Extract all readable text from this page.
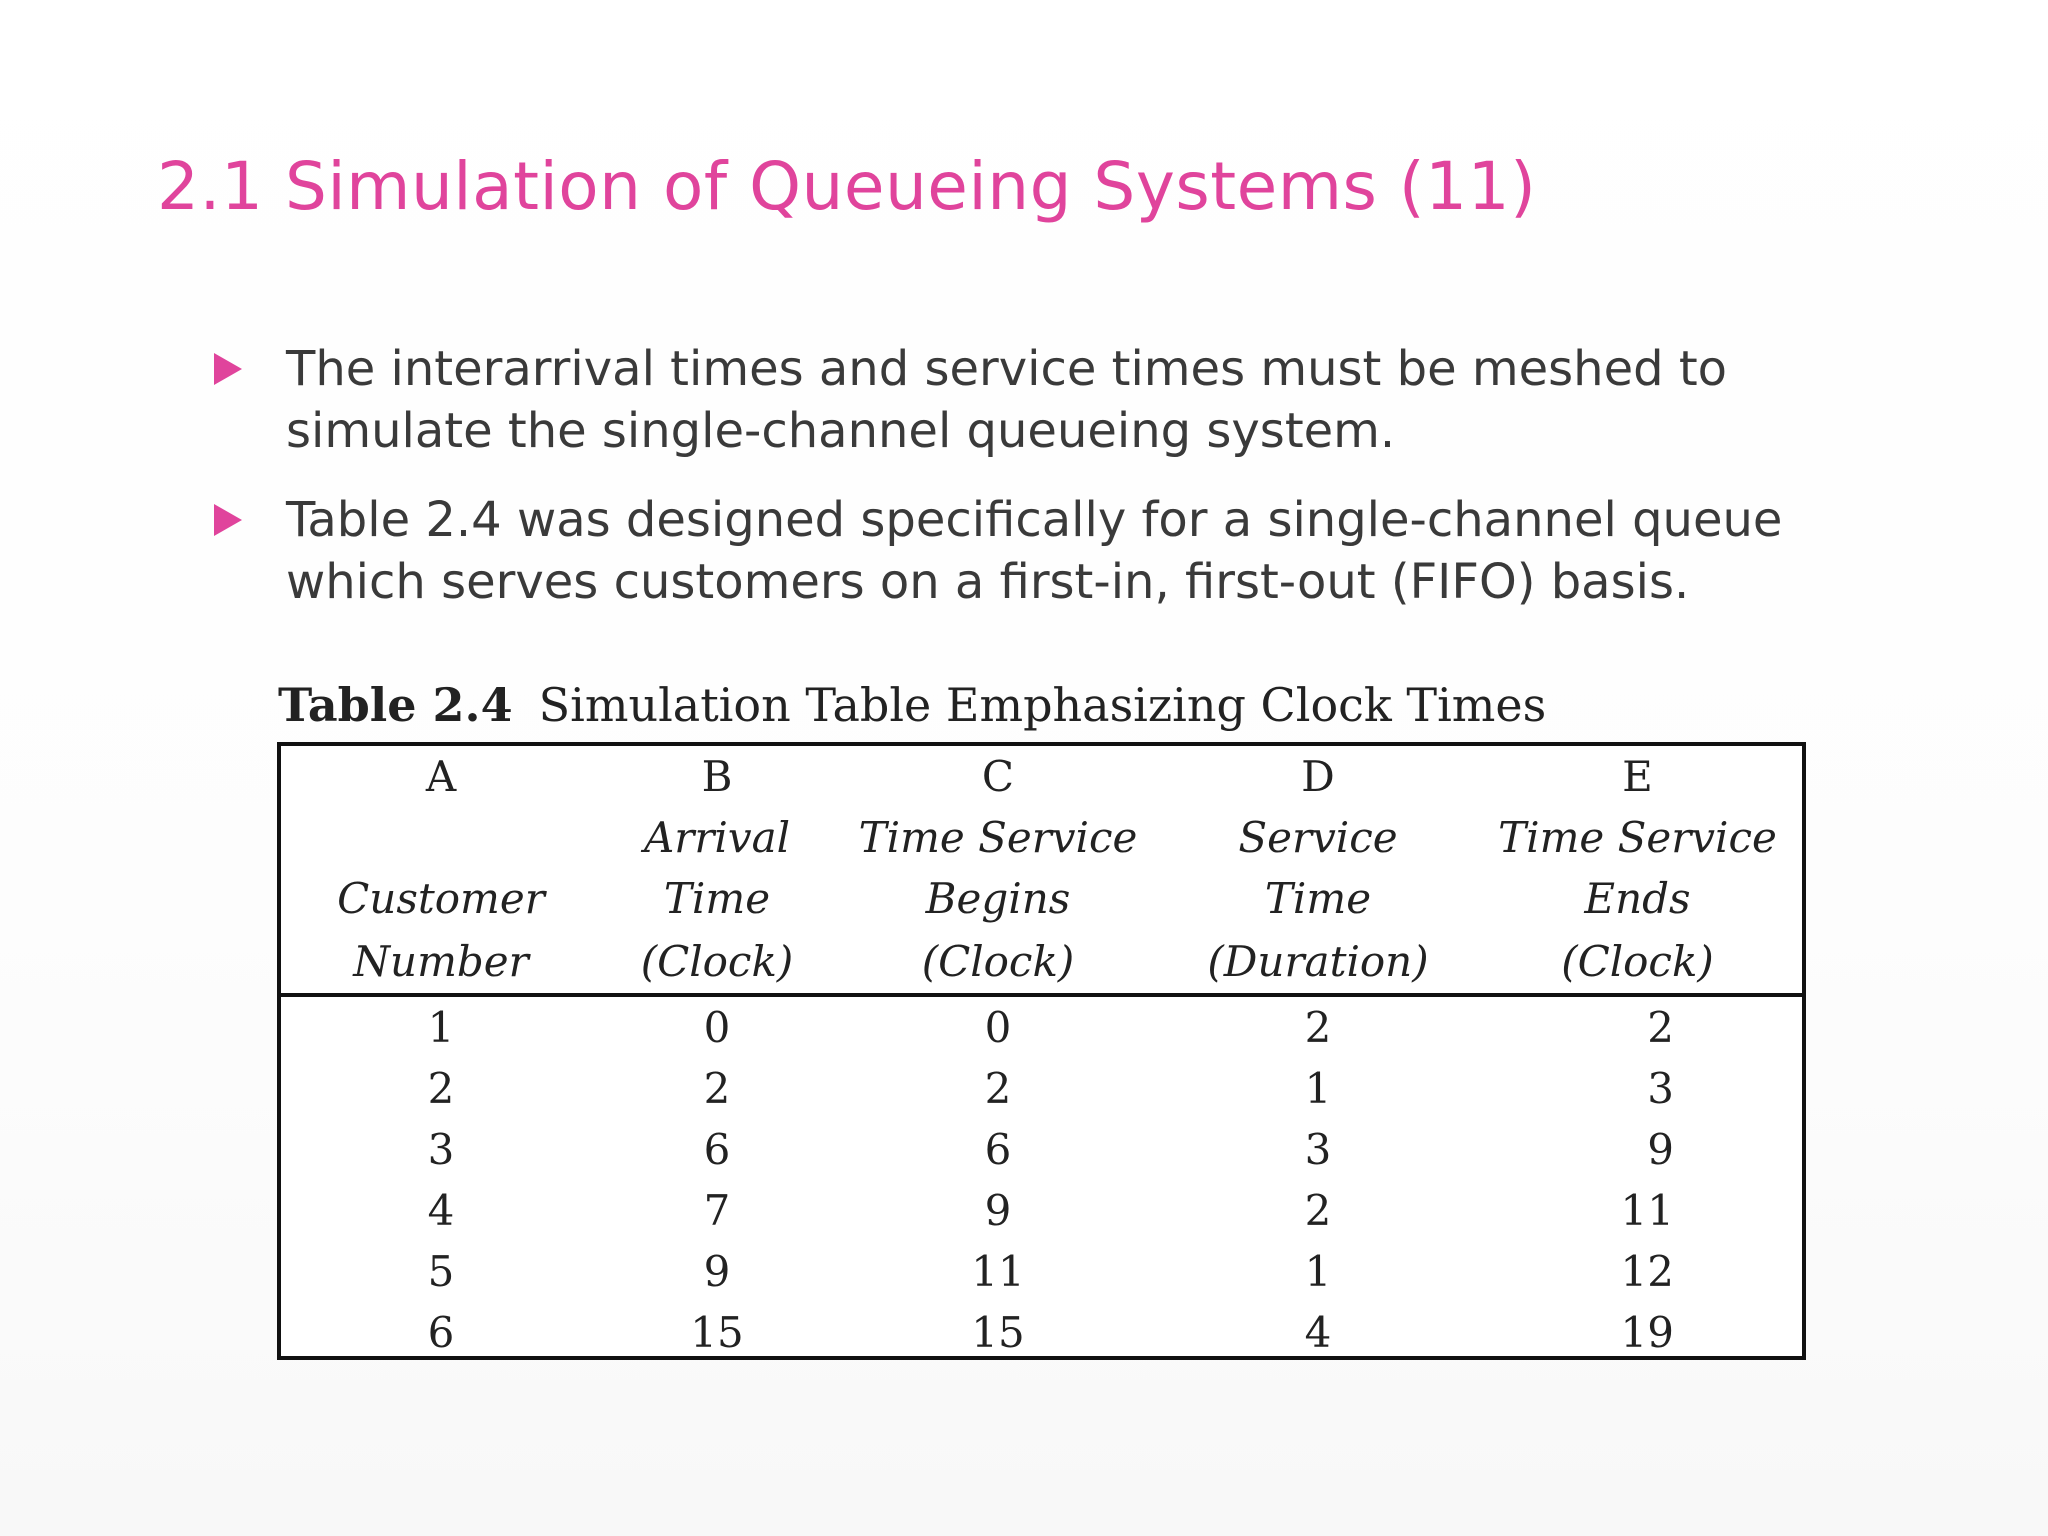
2.1 Simulation of Queueing Systems (11)
The interarrival times and service times must be meshed to simulate the single-channel queueing system.
Table 2.4 was designed specifically for a single-channel queue which serves customers on a first-in, first-out (FIFO) basis.
Table 2.4 Simulation Table Emphasizing Clock Times
A	B	C	D	E
	Arrival	Time Service	Service	Time Service
Customer	Time	Begins	Time	Ends
Number	(Clock)	(Clock)	(Duration)	(Clock)
1	0	0	2	2
2	2	2	1	3
3	6	6	3	9
4	7	9	2	11
5	9	11	1	12
6	15	15	4	19
